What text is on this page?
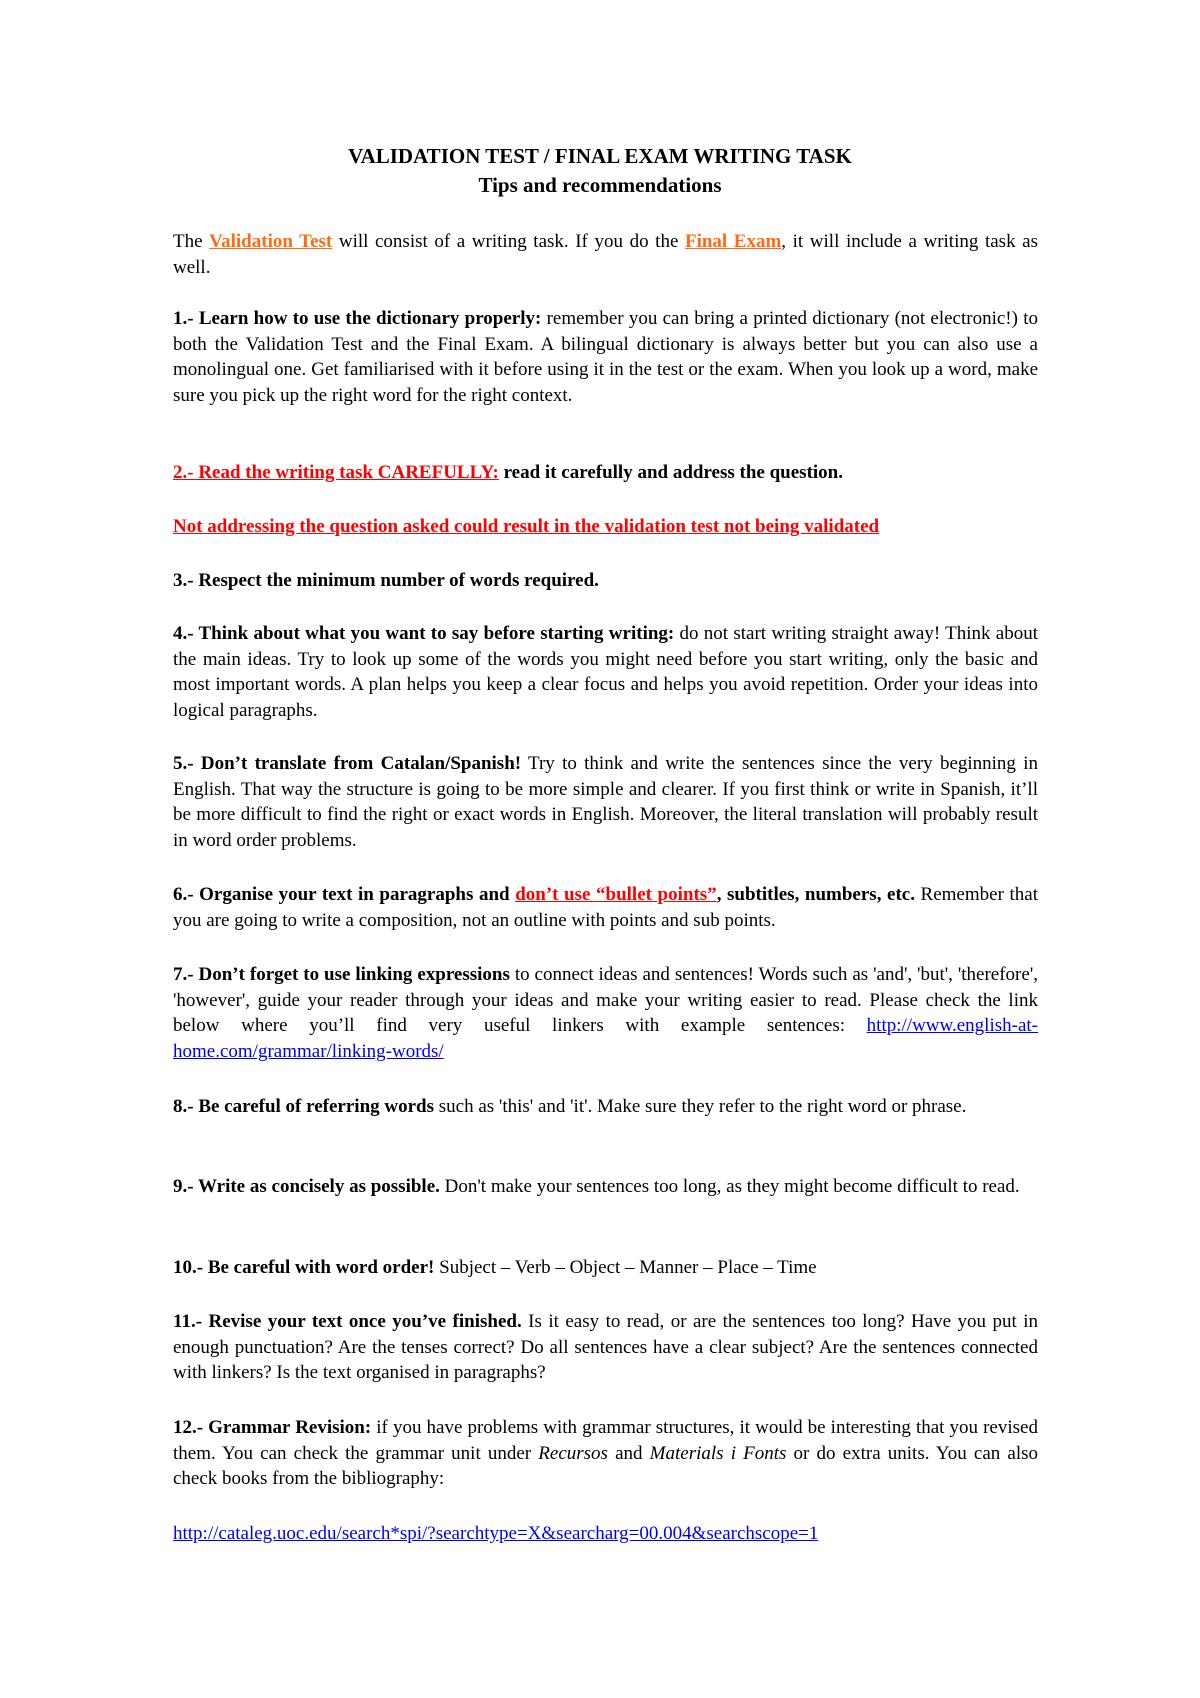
VALIDATION TEST / FINAL EXAM WRITING TASK
Tips and recommendations

The Validation Test will consist of a writing task. If you do the Final Exam, it will include a writing task as well.

1.- Learn how to use the dictionary properly: remember you can bring a printed dictionary (not electronic!) to both the Validation Test and the Final Exam. A bilingual dictionary is always better but you can also use a monolingual one. Get familiarised with it before using it in the test or the exam. When you look up a word, make sure you pick up the right word for the right context.

2.- Read the writing task CAREFULLY: read it carefully and address the question.

Not addressing the question asked could result in the validation test not being validated

3.- Respect the minimum number of words required.

4.- Think about what you want to say before starting writing: do not start writing straight away! Think about the main ideas. Try to look up some of the words you might need before you start writing, only the basic and most important words. A plan helps you keep a clear focus and helps you avoid repetition. Order your ideas into logical paragraphs.

5.- Don’t translate from Catalan/Spanish! Try to think and write the sentences since the very beginning in English. That way the structure is going to be more simple and clearer. If you first think or write in Spanish, it’ll be more difficult to find the right or exact words in English. Moreover, the literal translation will probably result in word order problems.

6.- Organise your text in paragraphs and don’t use “bullet points”, subtitles, numbers, etc. Remember that you are going to write a composition, not an outline with points and sub points.

7.- Don’t forget to use linking expressions to connect ideas and sentences! Words such as 'and', 'but', 'therefore', 'however', guide your reader through your ideas and make your writing easier to read. Please check the link below where you’ll find very useful linkers with example sentences: http://www.english-at-home.com/grammar/linking-words/

8.- Be careful of referring words such as 'this' and 'it'. Make sure they refer to the right word or phrase.

9.- Write as concisely as possible. Don't make your sentences too long, as they might become difficult to read.

10.- Be careful with word order! Subject – Verb – Object – Manner – Place – Time

11.- Revise your text once you’ve finished. Is it easy to read, or are the sentences too long? Have you put in enough punctuation? Are the tenses correct? Do all sentences have a clear subject? Are the sentences connected with linkers? Is the text organised in paragraphs?

12.- Grammar Revision: if you have problems with grammar structures, it would be interesting that you revised them. You can check the grammar unit under Recursos and Materials i Fonts or do extra units. You can also check books from the bibliography:

http://cataleg.uoc.edu/search*spi/?searchtype=X&searcharg=00.004&searchscope=1
